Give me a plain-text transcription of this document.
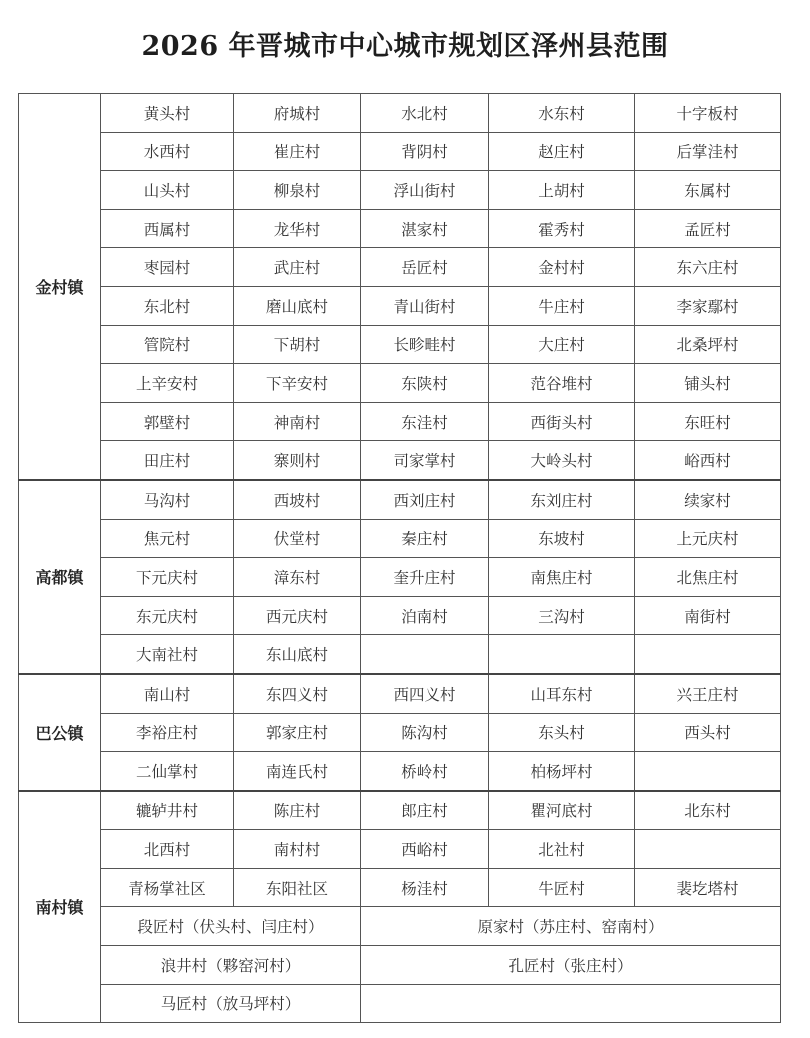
2026 年晋城市中心城市规划区泽州县范围
金村镇	黄头村	府城村	水北村	水东村	十字板村
	水西村	崔庄村	背阴村	赵庄村	后掌洼村
	山头村	柳泉村	浮山街村	上胡村	东属村
	西属村	龙华村	湛家村	霍秀村	孟匠村
	枣园村	武庄村	岳匠村	金村村	东六庄村
	东北村	磨山底村	青山街村	牛庄村	李家鄢村
	管院村	下胡村	长畛畦村	大庄村	北桑坪村
	上辛安村	下辛安村	东陕村	范谷堆村	铺头村
	郭壁村	神南村	东洼村	西街头村	东旺村
	田庄村	寨则村	司家掌村	大岭头村	峪西村
高都镇	马沟村	西坡村	西刘庄村	东刘庄村	续家村
	焦元村	伏堂村	秦庄村	东坡村	上元庆村
	下元庆村	漳东村	奎升庄村	南焦庄村	北焦庄村
	东元庆村	西元庆村	泊南村	三沟村	南街村
	大南社村	东山底村			
巴公镇	南山村	东四义村	西四义村	山耳东村	兴王庄村
	李裕庄村	郭家庄村	陈沟村	东头村	西头村
	二仙掌村	南连氏村	桥岭村	柏杨坪村	
南村镇	辘轳井村	陈庄村	郎庄村	瞿河底村	北东村
	北西村	南村村	西峪村	北社村	
	青杨掌社区	东阳社区	杨洼村	牛匠村	裴圪塔村
	段匠村（伏头村、闫庄村）		原家村（苏庄村、窑南村）		
	浪井村（夥窑河村）		孔匠村（张庄村）		
	马匠村（放马坪村）				
